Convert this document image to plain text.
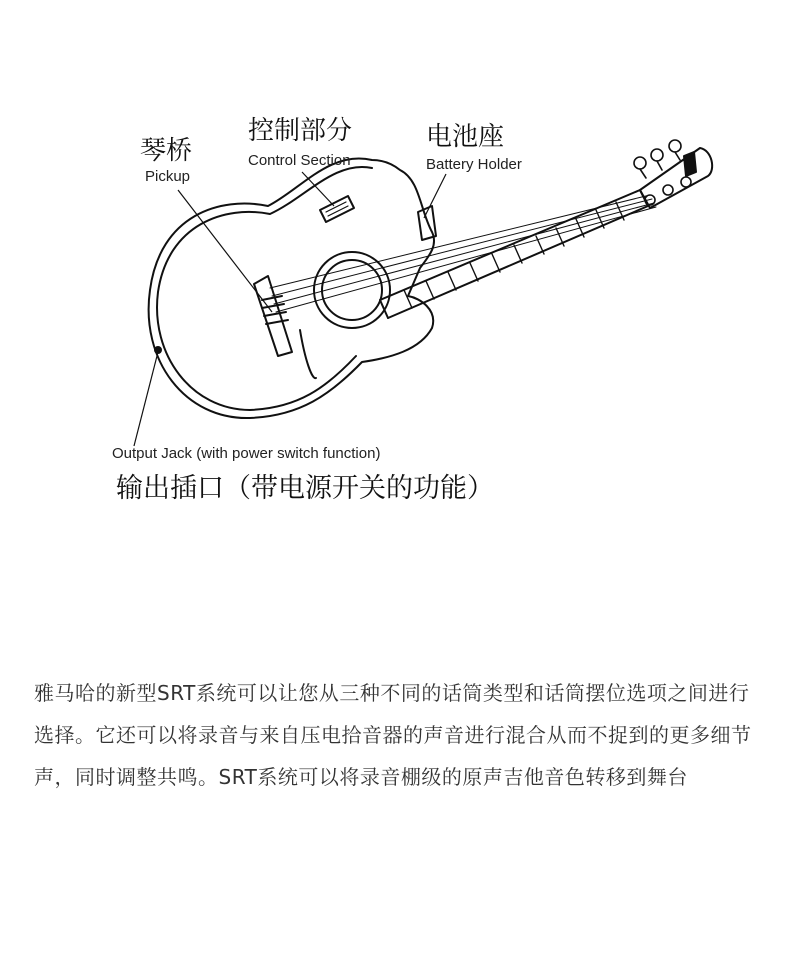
琴桥
Pickup
控制部分
Control Section
电池座
Battery Holder
Output Jack (with power switch function)
输出插口（带电源开关的功能）
雅马哈的新型SRT系统可以让您从三种不同的话筒类型和话筒摆位选项之间进行选择。它还可以将录音与来自压电拾音器的声音进行混合从而不捉到的更多细节声，同时调整共鸣。SRT系统可以将录音棚级的原声吉他音色转移到舞台
